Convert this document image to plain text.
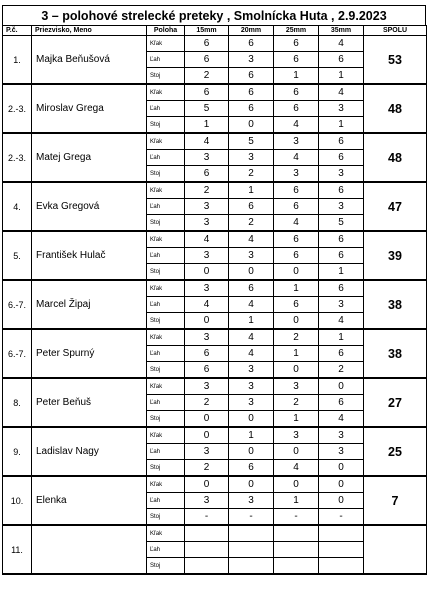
3 – polohové strelecké preteky , Smolnícka Huta , 2.9.2023
P.č.	Priezvisko, Meno	Poloha	15mm	20mm	25mm	35mm	SPOLU
1.	Majka Beňušová	Kľak	6	6	6	4	53
		Ľah	6	3	6	6	
		Stoj	2	6	1	1	
2.-3.	Miroslav Grega	Kľak	6	6	6	4	48
		Ľah	5	6	6	3	
		Stoj	1	0	4	1	
2.-3.	Matej Grega	Kľak	4	5	3	6	48
		Ľah	3	3	4	6	
		Stoj	6	2	3	3	
4.	Evka Gregová	Kľak	2	1	6	6	47
		Ľah	3	6	6	3	
		Stoj	3	2	4	5	
5.	František Hulač	Kľak	4	4	6	6	39
		Ľah	3	3	6	6	
		Stoj	0	0	0	1	
6.-7.	Marcel Žipaj	Kľak	3	6	1	6	38
		Ľah	4	4	6	3	
		Stoj	0	1	0	4	
6.-7.	Peter Spurný	Kľak	3	4	2	1	38
		Ľah	6	4	1	6	
		Stoj	6	3	0	2	
8.	Peter Beňuš	Kľak	3	3	3	0	27
		Ľah	2	3	2	6	
		Stoj	0	0	1	4	
9.	Ladislav Nagy	Kľak	0	1	3	3	25
		Ľah	3	0	0	3	
		Stoj	2	6	4	0	
10.	Elenka	Kľak	0	0	0	0	7
		Ľah	3	3	1	0	
		Stoj	-	-	-	-	
11.		Kľak					
		Ľah					
		Stoj					
